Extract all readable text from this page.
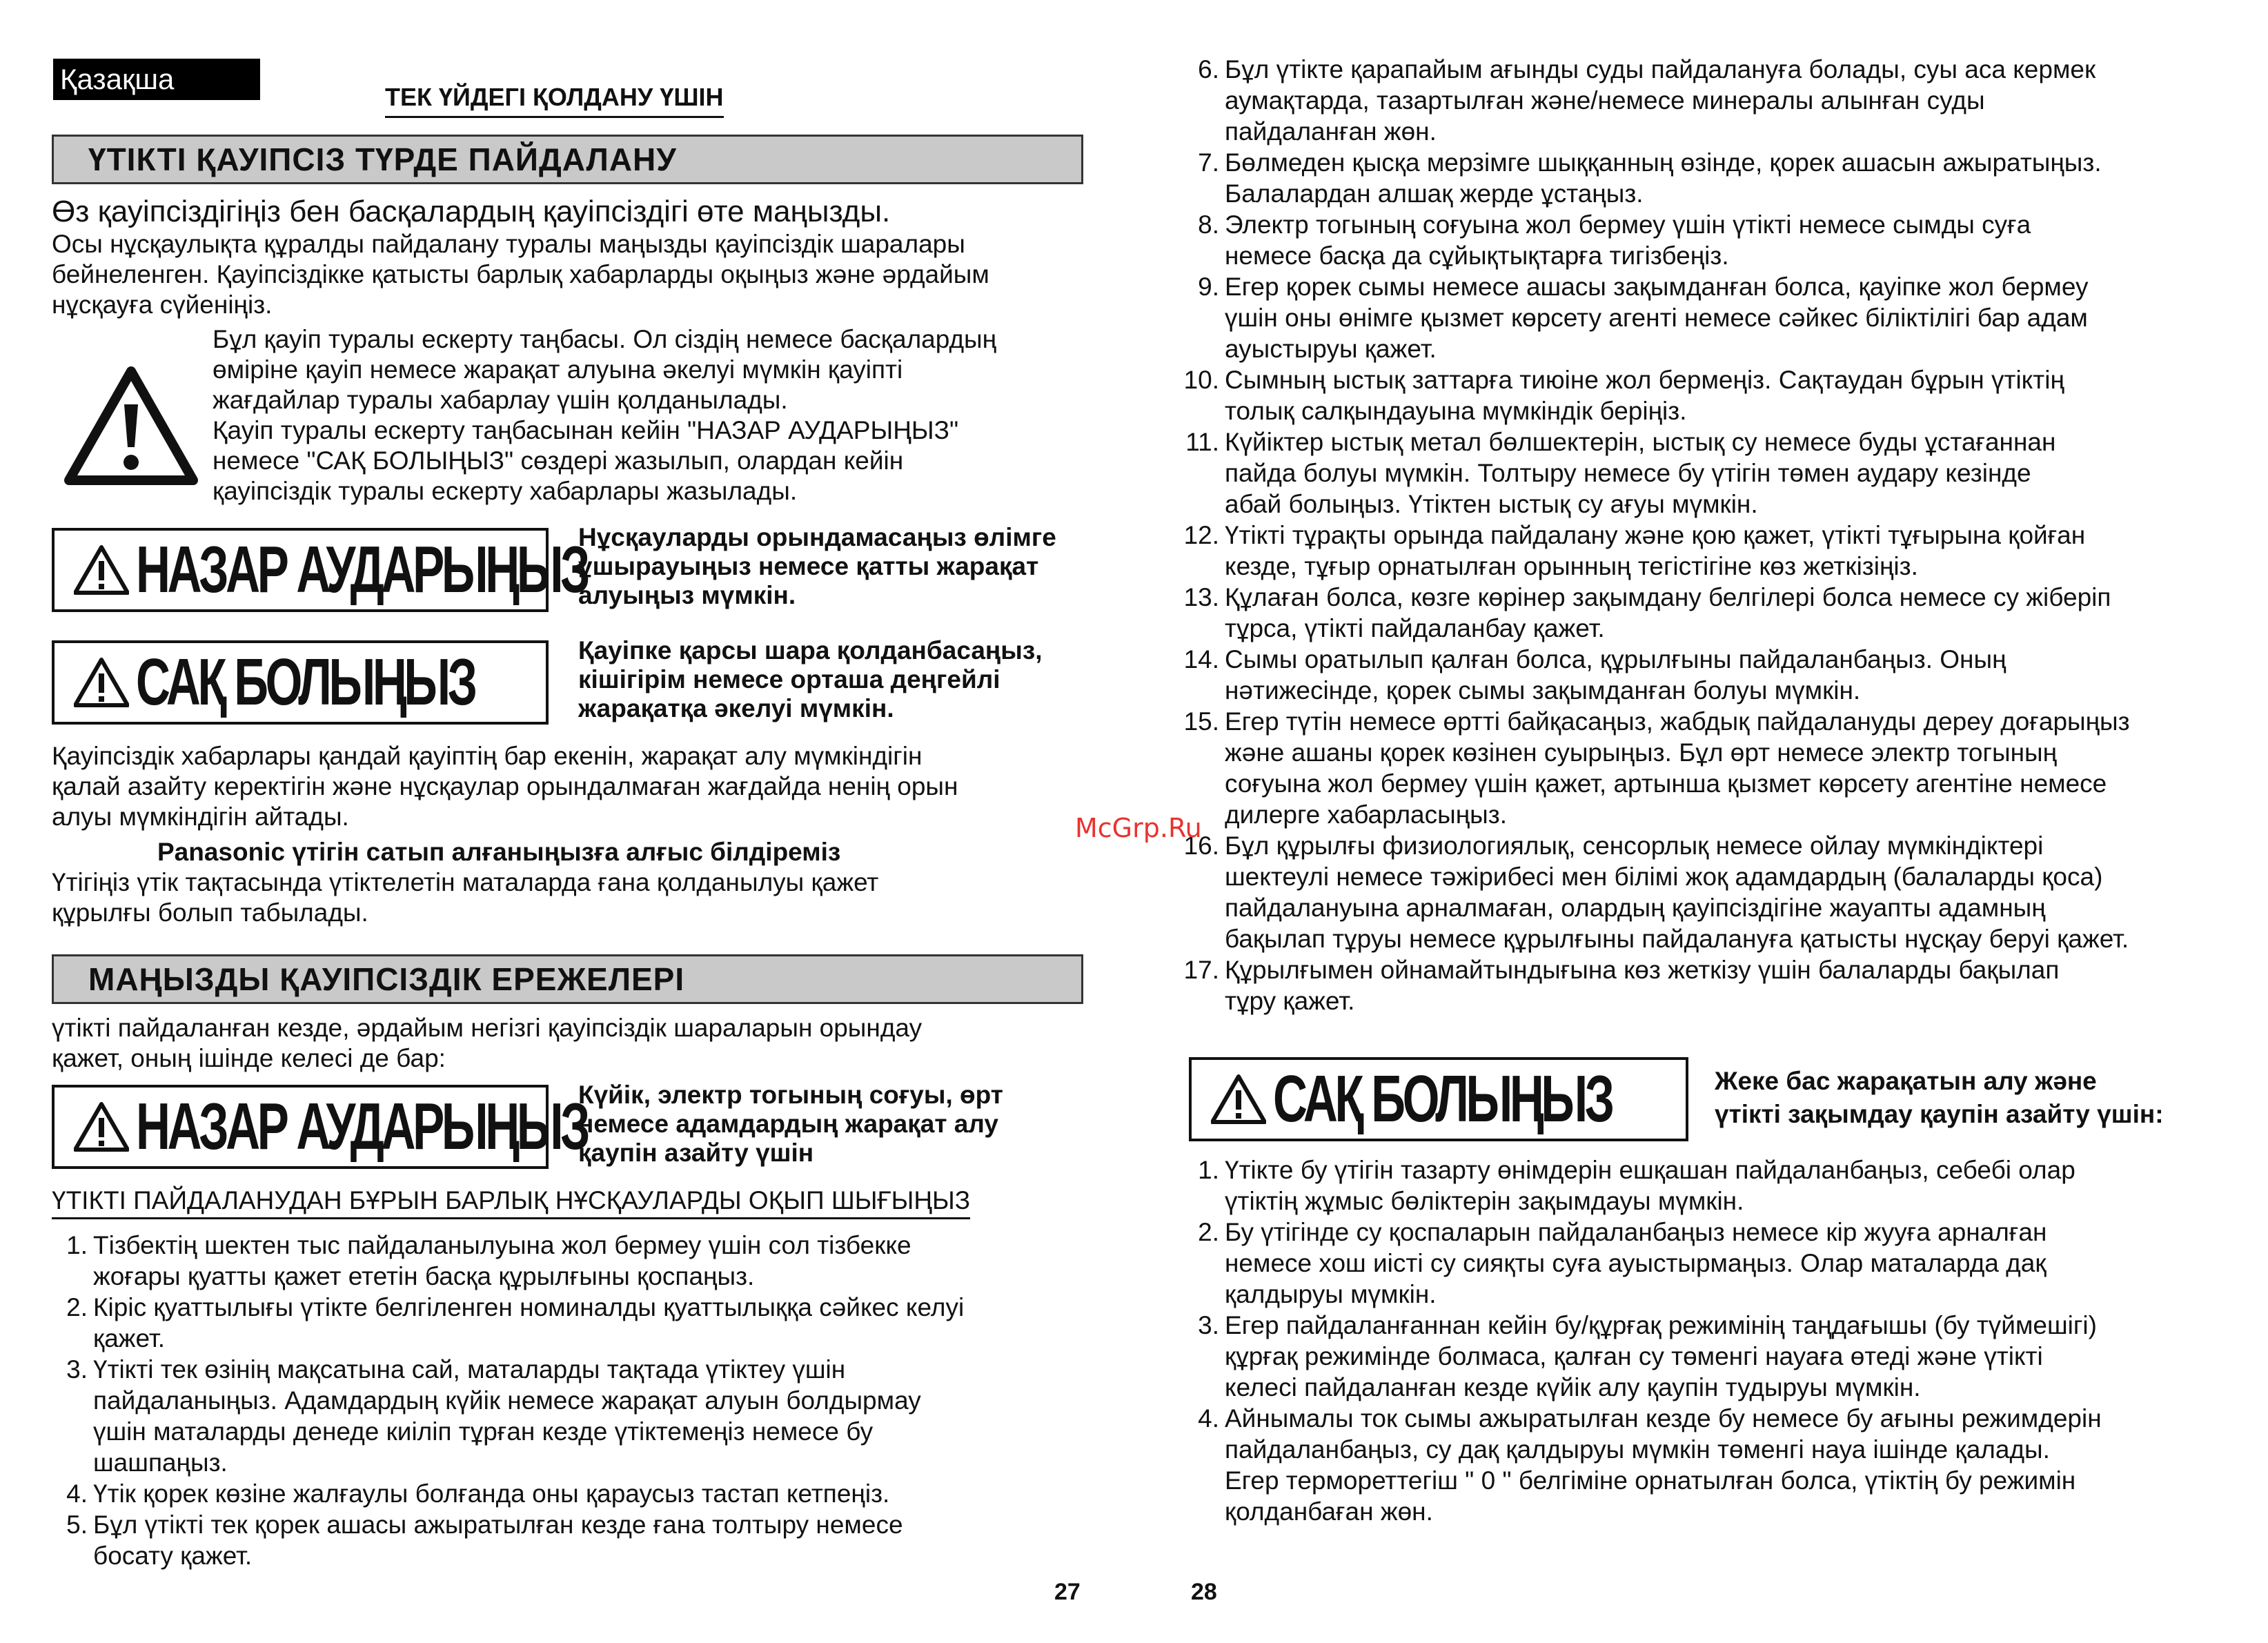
Қазақша
ТЕК ҮЙДЕГІ ҚОЛДАНУ ҮШІН
ҮТІКТІ ҚАУІПСІЗ ТҮРДЕ ПАЙДАЛАНУ
Өз қауіпсіздігіңіз бен басқалардың қауіпсіздігі өте маңызды.
Осы нұсқаулықта құралды пайдалану туралы маңызды қауіпсіздік шаралары
бейнеленген. Қауіпсіздікке қатысты барлық хабарларды оқыңыз және әрдайым
нұсқауға сүйеніңіз.
Бұл қауіп туралы ескерту таңбасы. Ол сіздің немесе басқалардың
өміріне қауіп немесе жарақат алуына әкелуі мүмкін қауіпті
жағдайлар туралы хабарлау үшін қолданылады.
Қауіп туралы ескерту таңбасынан кейін "НАЗАР АУДАРЫҢЫЗ"
немесе "САҚ БОЛЫҢЫЗ" сөздері жазылып, олардан кейін
қауіпсіздік туралы ескерту хабарлары жазылады.
НАЗАР АУДАРЫҢЫЗ
Нұсқауларды орындамасаңыз өлімге
ұшырауыңыз немесе қатты жарақат
алуыңыз мүмкін.
САҚ БОЛЫҢЫЗ	Қауіпке қарсы шара қолданбасаңыз,
кішігірім немесе орташа деңгейлі
жарақатқа әкелуі мүмкін.
Қауіпсіздік хабарлары қандай қауіптің бар екенін, жарақат алу мүмкіндігін
қалай азайту керектігін және нұсқаулар орындалмаған жағдайда ненің орын
алуы мүмкіндігін айтады.
Panasonic үтігін сатып алғаныңызға алғыс білдіреміз
Үтігіңіз үтік тақтасында үтіктелетін маталарда ғана қолданылуы қажет
құрылғы болып табылады.
МАҢЫЗДЫ ҚАУІПСІЗДІК ЕРЕЖЕЛЕРІ
үтікті пайдаланған кезде, әрдайым негізгі қауіпсіздік шараларын орындау
қажет, оның ішінде келесі де бар:
НАЗАР АУДАРЫҢЫЗ
Күйік, электр тогының соғуы, өрт
немесе адамдардың жарақат алу
қаупін азайту үшін
ҮТІКТІ ПАЙДАЛАНУДАН БҰРЫН БАРЛЫҚ НҰСҚАУЛАРДЫ ОҚЫП ШЫҒЫҢЫЗ
1. Тізбектің шектен тыс пайдаланылуына жол бермеу үшін сол тізбекке
жоғары қуатты қажет ететін басқа құрылғыны қоспаңыз.
2. Кіріс қуаттылығы үтікте белгіленген номиналды қуаттылыққа сәйкес келуі
қажет.
3. Үтікті тек өзінің мақсатына сай, маталарды тақтада үтіктеу үшін
пайдаланыңыз. Адамдардың күйік немесе жарақат алуын болдырмау
үшін маталарды денеде киіліп тұрған кезде үтіктемеңіз немесе бу
шашпаңыз.
4. Үтік қорек көзіне жалғаулы болғанда оны қараусыз тастап кетпеңіз.
5. Бұл үтікті тек қорек ашасы ажыратылған кезде ғана толтыру немесе
босату қажет.
27
6. Бұл үтікте қарапайым ағынды суды пайдалануға болады, суы аса кермек
аумақтарда, тазартылған және/немесе минералы алынған суды
пайдаланған жөн.
7. Бөлмеден қысқа мерзімге шыққанның өзінде, қорек ашасын ажыратыңыз.
Балалардан алшақ жерде ұстаңыз.
8. Электр тогының соғуына жол бермеу үшін үтікті немесе сымды суға
немесе басқа да сұйықтықтарға тигізбеңіз.
9. Егер қорек сымы немесе ашасы зақымданған болса, қауіпке жол бермеу
үшін оны өнімге қызмет көрсету агенті немесе сәйкес біліктілігі бар адам
ауыстыруы қажет.
10. Сымның ыстық заттарға тиюіне жол бермеңіз. Сақтаудан бұрын үтіктің
толық салқындауына мүмкіндік беріңіз.
11. Күйіктер ыстық метал бөлшектерін, ыстық су немесе буды ұстағаннан
пайда болуы мүмкін. Толтыру немесе бу үтігін төмен аудару кезінде
абай болыңыз. Үтіктен ыстық су ағуы мүмкін.
12. Үтікті тұрақты орында пайдалану және қою қажет, үтікті тұғырына қойған
кезде, тұғыр орнатылған орынның тегістігіне көз жеткізіңіз.
13. Құлаған болса, көзге көрінер зақымдану белгілері болса немесе су жіберіп
тұрса, үтікті пайдаланбау қажет.
14. Сымы оратылып қалған болса, құрылғыны пайдаланбаңыз. Оның
нәтижесінде, қорек сымы зақымданған болуы мүмкін.
15. Егер түтін немесе өртті байқасаңыз, жабдық пайдалануды дереу доғарыңыз
және ашаны қорек көзінен суырыңыз. Бұл өрт немесе электр тогының
соғуына жол бермеу үшін қажет, артынша қызмет көрсету агентіне немесе
дилерге хабарласыңыз.
16. Бұл құрылғы физиологиялық, сенсорлық немесе ойлау мүмкіндіктері
шектеулі немесе тәжірибесі мен білімі жоқ адамдардың (балаларды қоса)
пайдалануына арналмаған, олардың қауіпсіздігіне жауапты адамның
бақылап тұруы немесе құрылғыны пайдалануға қатысты нұсқау беруі қажет.
17. Құрылғымен ойнамайтындығына көз жеткізу үшін балаларды бақылап
тұру қажет.
САҚ БОЛЫҢЫЗ	Жеке бас жарақатын алу және
үтікті зақымдау қаупін азайту үшін:
1. Үтікте бу үтігін тазарту өнімдерін ешқашан пайдаланбаңыз, себебі олар
үтіктің жұмыс бөліктерін зақымдауы мүмкін.
2. Бу үтігінде су қоспаларын пайдаланбаңыз немесе кір жууға арналған
немесе хош иісті су сияқты суға ауыстырмаңыз. Олар маталарда дақ
қалдыруы мүмкін.
3. Егер пайдаланғаннан кейін бу/құрғақ режимінің таңдағышы (бу түймешігі)
құрғақ режимінде болмаса, қалған су төменгі науаға өтеді және үтікті
келесі пайдаланған кезде күйік алу қаупін тудыруы мүмкін.
4. Айнымалы ток сымы ажыратылған кезде бу немесе бу ағыны режимдерін
пайдаланбаңыз, су дақ қалдыруы мүмкін төменгі науа ішінде қалады.
Егер термореттегіш " 0 " белгіміне орнатылған болса, үтіктің бу режимін
қолданбаған жөн.
28
McGrp.Ru
